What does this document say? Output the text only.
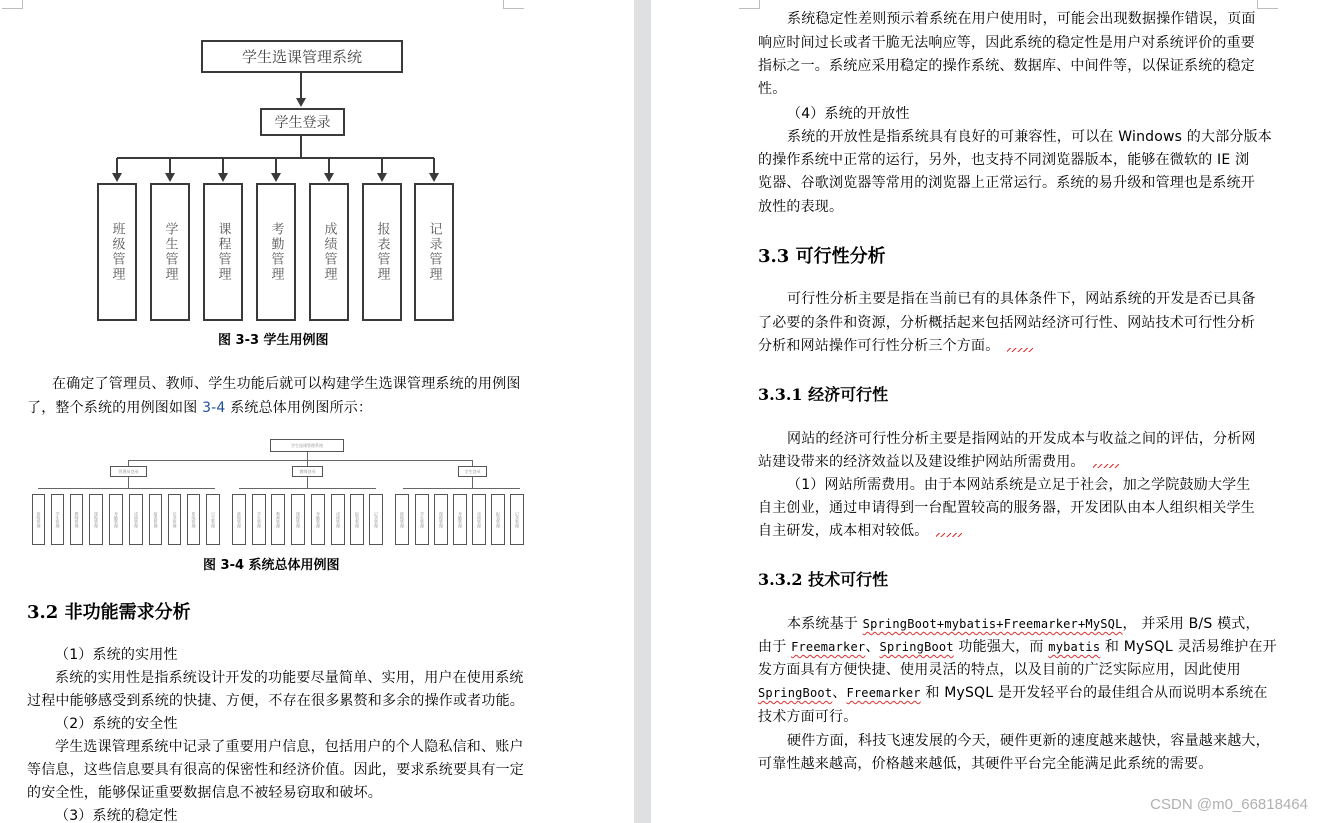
学生选课管理系统
学生登录
班级管理	学生管理	课程管理	考勤管理	成绩管理	报表管理	记录管理
图 3-3 学生用例图
在确定了管理员、教师、学生功能后就可以构建学生选课管理系统的用例图
了，整个系统的用例图如图 3-4 系统总体用例图所示：
学生选课管理系统
管理员登录	教师登录	学生登录
班级管理	学生管理	教师管理	课程管理	考勤管理	成绩管理	报表管理	记录管理	系统管理	日志管理	班级管理	学生管理	教师管理	课程管理	考勤管理	成绩管理	报表管理	记录管理	班级管理	学生管理	课程管理	考勤管理	成绩管理	报表管理	记录管理
图 3-4 系统总体用例图
3.2 非功能需求分析
（1）系统的实用性
系统的实用性是指系统设计开发的功能要尽量简单、实用，用户在使用系统
过程中能够感受到系统的快捷、方便，不存在很多累赘和多余的操作或者功能。
（2）系统的安全性
学生选课管理系统中记录了重要用户信息，包括用户的个人隐私信和、账户
等信息，这些信息要具有很高的保密性和经济价值。因此，要求系统要具有一定
的安全性，能够保证重要数据信息不被轻易窃取和破坏。
（3）系统的稳定性
系统稳定性差则预示着系统在用户使用时，可能会出现数据操作错误，页面
响应时间过长或者干脆无法响应等，因此系统的稳定性是用户对系统评价的重要
指标之一。系统应采用稳定的操作系统、数据库、中间件等，以保证系统的稳定
性。
（4）系统的开放性
系统的开放性是指系统具有良好的可兼容性，可以在 Windows 的大部分版本
的操作系统中正常的运行，另外，也支持不同浏览器版本，能够在微软的 IE 浏
览器、谷歌浏览器等常用的浏览器上正常运行。系统的易升级和管理也是系统开
放性的表现。
3.3 可行性分析
可行性分析主要是指在当前已有的具体条件下，网站系统的开发是否已具备
了必要的条件和资源，分析概括起来包括网站经济可行性、网站技术可行性分析
分析和网站操作可行性分析三个方面。
3.3.1 经济可行性
网站的经济可行性分析主要是指网站的开发成本与收益之间的评估，分析网
站建设带来的经济效益以及建设维护网站所需费用。
（1）网站所需费用。由于本网站系统是立足于社会，加之学院鼓励大学生
自主创业，通过申请得到一台配置较高的服务器，开发团队由本人组织相关学生
自主研发，成本相对较低。
3.3.2 技术可行性
本系统基于 SpringBoot+mybatis+Freemarker+MySQL， 并采用 B/S 模式，
由于 Freemarker、SpringBoot 功能强大，而 mybatis 和 MySQL 灵活易维护在开
发方面具有方便快捷、使用灵活的特点，以及目前的广泛实际应用，因此使用
SpringBoot、Freemarker 和 MySQL 是开发轻平台的最佳组合从而说明本系统在
技术方面可行。
硬件方面，科技飞速发展的今天，硬件更新的速度越来越快，容量越来越大，
可靠性越来越高，价格越来越低，其硬件平台完全能满足此系统的需要。
CSDN @m0_66818464
